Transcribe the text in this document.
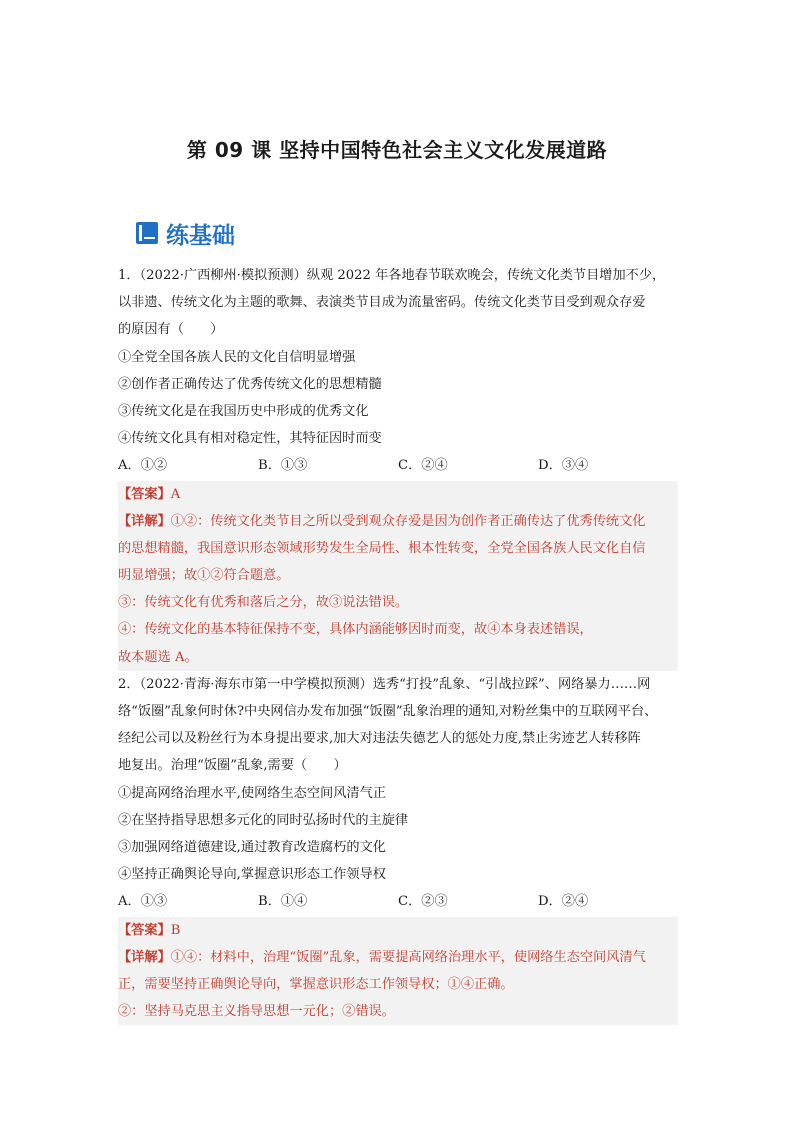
第 09 课 坚持中国特色社会主义文化发展道路
练基础
1．（2022·广西柳州·模拟预测）纵观 2022 年各地春节联欢晚会，传统文化类节目增加不少，
以非遗、传统文化为主题的歌舞、表演类节目成为流量密码。传统文化类节目受到观众存爱
的原因有（　　）
①全党全国各族人民的文化自信明显增强
②创作者正确传达了优秀传统文化的思想精髓
③传统文化是在我国历史中形成的优秀文化
④传统文化具有相对稳定性，其特征因时而变
A．①②	B．①③	C．②④	D．③④
【答案】A
【详解】①②：传统文化类节目之所以受到观众存爱是因为创作者正确传达了优秀传统文化
的思想精髓，我国意识形态领域形势发生全局性、根本性转变，全党全国各族人民文化自信
明显增强；故①②符合题意。
③：传统文化有优秀和落后之分，故③说法错误。
④：传统文化的基本特征保持不变，具体内涵能够因时而变，故④本身表述错误，
故本题选 A。
2．（2022·青海·海东市第一中学模拟预测）选秀“打投”乱象、“引战拉踩”、网络暴力……网
络“饭圈”乱象何时休?中央网信办发布加强“饭圈”乱象治理的通知,对粉丝集中的互联网平台、
经纪公司以及粉丝行为本身提出要求,加大对违法失德艺人的惩处力度,禁止劣迹艺人转移阵
地复出。治理“饭圈”乱象,需要（　　）
①提高网络治理水平,使网络生态空间风清气正
②在坚持指导思想多元化的同时弘扬时代的主旋律
③加强网络道德建设,通过教育改造腐朽的文化
④坚持正确舆论导向,掌握意识形态工作领导权
A．①③	B．①④	C．②③	D．②④
【答案】B
【详解】①④：材料中，治理“饭圈”乱象，需要提高网络治理水平，使网络生态空间风清气
正，需要坚持正确舆论导向，掌握意识形态工作领导权；①④正确。
②：坚持马克思主义指导思想一元化；②错误。
